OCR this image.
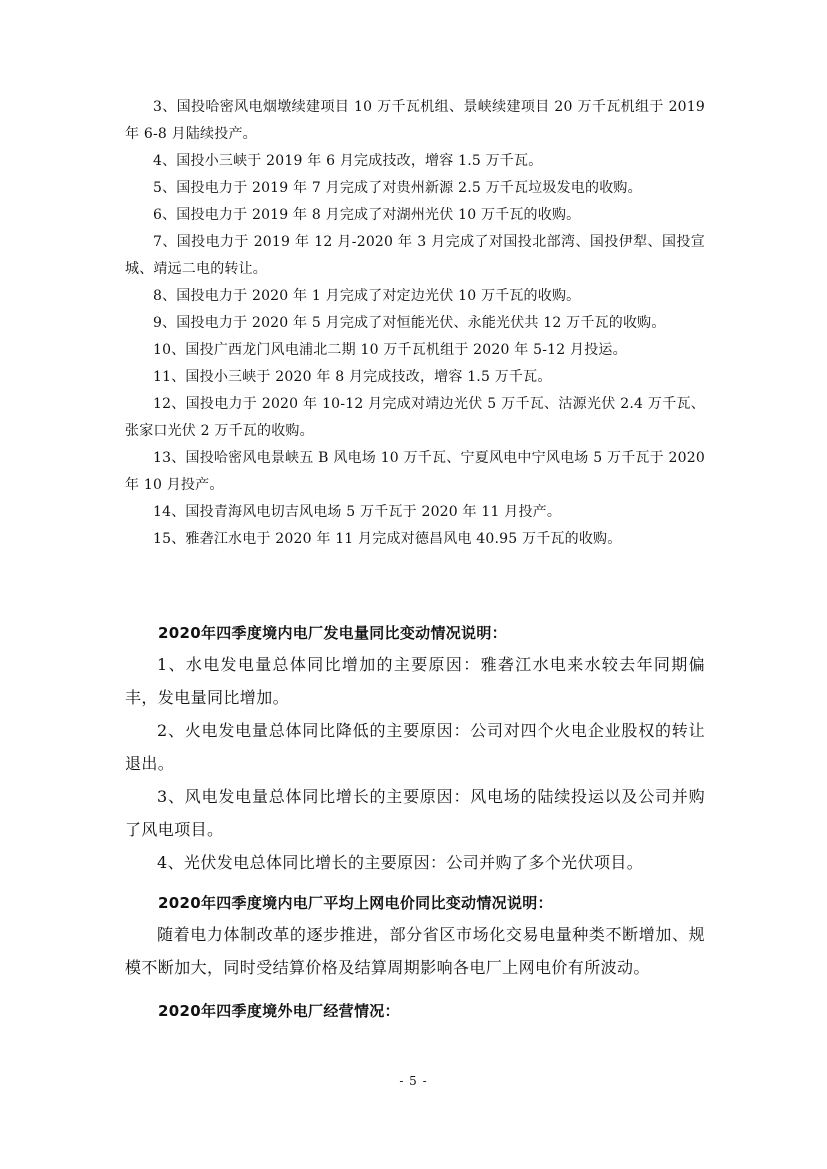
3、国投哈密风电烟墩续建项目 10 万千瓦机组、景峡续建项目 20 万千瓦机组于 2019 年 6-8 月陆续投产。

4、国投小三峡于 2019 年 6 月完成技改，增容 1.5 万千瓦。

5、国投电力于 2019 年 7 月完成了对贵州新源 2.5 万千瓦垃圾发电的收购。

6、国投电力于 2019 年 8 月完成了对湖州光伏 10 万千瓦的收购。

7、国投电力于 2019 年 12 月-2020 年 3 月完成了对国投北部湾、国投伊犁、国投宣城、靖远二电的转让。

8、国投电力于 2020 年 1 月完成了对定边光伏 10 万千瓦的收购。

9、国投电力于 2020 年 5 月完成了对恒能光伏、永能光伏共 12 万千瓦的收购。

10、国投广西龙门风电浦北二期 10 万千瓦机组于 2020 年 5-12 月投运。

11、国投小三峡于 2020 年 8 月完成技改，增容 1.5 万千瓦。

12、国投电力于 2020 年 10-12 月完成对靖边光伏 5 万千瓦、沽源光伏 2.4 万千瓦、张家口光伏 2 万千瓦的收购。

13、国投哈密风电景峡五 B 风电场 10 万千瓦、宁夏风电中宁风电场 5 万千瓦于 2020 年 10 月投产。

14、国投青海风电切吉风电场 5 万千瓦于 2020 年 11 月投产。

15、雅砻江水电于 2020 年 11 月完成对德昌风电 40.95 万千瓦的收购。

2020年四季度境内电厂发电量同比变动情况说明：

1、水电发电量总体同比增加的主要原因：雅砻江水电来水较去年同期偏丰，发电量同比增加。

2、火电发电量总体同比降低的主要原因：公司对四个火电企业股权的转让退出。

3、风电发电量总体同比增长的主要原因：风电场的陆续投运以及公司并购了风电项目。

4、光伏发电总体同比增长的主要原因：公司并购了多个光伏项目。

2020年四季度境内电厂平均上网电价同比变动情况说明：

随着电力体制改革的逐步推进，部分省区市场化交易电量种类不断增加、规模不断加大，同时受结算价格及结算周期影响各电厂上网电价有所波动。

2020年四季度境外电厂经营情况：
- 5 -
